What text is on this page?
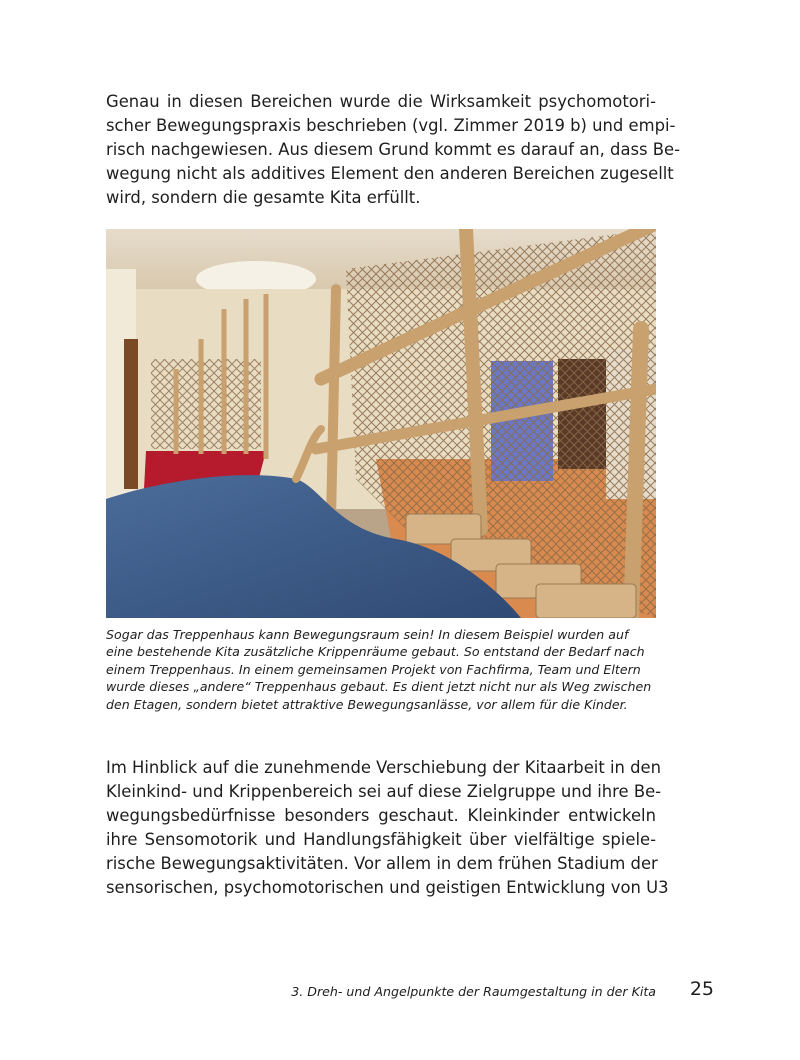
Genau in diesen Bereichen wurde die Wirksamkeit psychomotori-
scher Bewegungspraxis beschrieben (vgl. Zimmer 2019 b) und empi-
risch nachgewiesen. Aus diesem Grund kommt es darauf an, dass Be-
wegung nicht als additives Element den anderen Bereichen zugesellt
wird, sondern die gesamte Kita erfüllt.

Sogar das Treppenhaus kann Bewegungsraum sein! In diesem Beispiel wurden auf
eine bestehende Kita zusätzliche Krippenräume gebaut. So entstand der Bedarf nach
einem Treppenhaus. In einem gemeinsamen Projekt von Fachfirma, Team und Eltern
wurde dieses „andere“ Treppenhaus gebaut. Es dient jetzt nicht nur als Weg zwischen
den Etagen, sondern bietet attraktive Bewegungsanlässe, vor allem für die Kinder.

Im Hinblick auf die zunehmende Verschiebung der Kitaarbeit in den
Kleinkind- und Krippenbereich sei auf diese Zielgruppe und ihre Be-
wegungsbedürfnisse besonders geschaut. Kleinkinder entwickeln
ihre Sensomotorik und Handlungsfähigkeit über vielfältige spiele-
rische Bewegungsaktivitäten. Vor allem in dem frühen Stadium der
sensorischen, psychomotorischen und geistigen Entwicklung von U3

3. Dreh- und Angelpunkte der Raumgestaltung in der Kita 25
